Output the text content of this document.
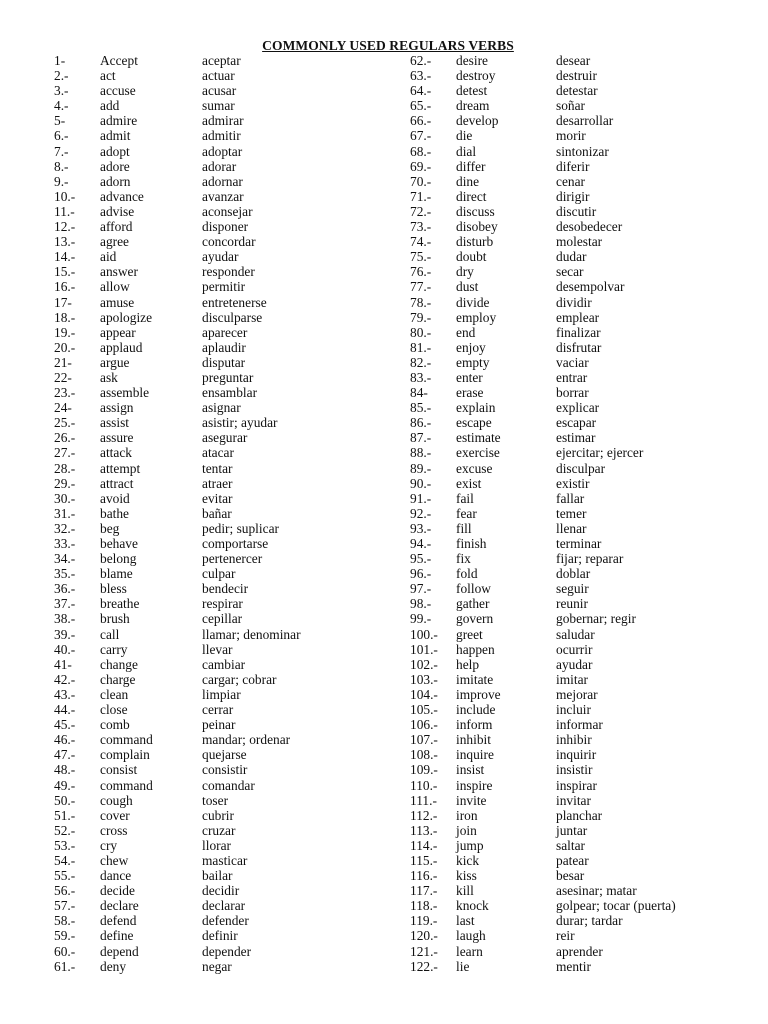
COMMONLY USED REGULARS VERBS
1-	Accept	aceptar
2.- act	actuar
3.- accuse	acusar
4.- add	sumar
5-	admire	admirar
6.- admit	admitir
7.- adopt	adoptar
8.- adore	adorar
9.- adorn	adornar
10.- advance	avanzar
11.- advise	aconsejar
12.- afford	disponer
13.- agree	concordar
14.- aid	ayudar
15.- answer	responder
16.- allow	permitir
17- amuse	entretenerse
18.- apologize	disculparse
19.- appear	aparecer
20.- applaud	aplaudir
21- argue	disputar
22- ask	preguntar
23.- assemble	ensamblar
24- assign	asignar
25.- assist	asistir; ayudar
26.- assure	asegurar
27.- attack	atacar
28.- attempt	tentar
29.- attract	atraer
30.- avoid	evitar
31.- bathe	bañar
32.- beg	pedir; suplicar
33.- behave	comportarse
34.- belong	pertenercer
35.- blame	culpar
36.- bless	bendecir
37.- breathe	respirar
38.- brush	cepillar
39.- call	llamar; denominar
40.- carry	llevar
41- change	cambiar
42.- charge	cargar; cobrar
43.- clean	limpiar
44.- close	cerrar
45.- comb	peinar
46.- command	mandar; ordenar
47.- complain	quejarse
48.- consist	consistir
49.- command	comandar
50.- cough	toser
51.- cover	cubrir
52.- cross	cruzar
53.- cry	llorar
54.- chew	masticar
55.- dance	bailar
56.- decide	decidir
57.- declare	declarar
58.- defend	defender
59.- define	definir
60.- depend	depender
61.- deny	negar
62.- desire	desear
63.- destroy	destruir
64.- detest	detestar
65.- dream	soñar
66.- develop	desarrollar
67.- die	morir
68.- dial	sintonizar
69.- differ	diferir
70.- dine	cenar
71.- direct	dirigir
72.- discuss	discutir
73.- disobey	desobedecer
74.- disturb	molestar
75.- doubt	dudar
76.- dry	secar
77.- dust	desempolvar
78.- divide	dividir
79.- employ	emplear
80.- end	finalizar
81.- enjoy	disfrutar
82.- empty	vaciar
83.- enter	entrar
84- erase	borrar
85.- explain	explicar
86.- escape	escapar
87.- estimate	estimar
88.- exercise	ejercitar; ejercer
89.- excuse	disculpar
90.- exist	existir
91.- fail	fallar
92.- fear	temer
93.- fill	llenar
94.- finish	terminar
95.- fix	fijar; reparar
96.- fold	doblar
97.- follow	seguir
98.- gather	reunir
99.- govern	gobernar; regir
100.- greet	saludar
101.- happen	ocurrir
102.- help	ayudar
103.- imitate	imitar
104.- improve	mejorar
105.- include	incluir
106.- inform	informar
107.- inhibit	inhibir
108.- inquire	inquirir
109.- insist	insistir
110.- inspire	inspirar
111.- invite	invitar
112.- iron	planchar
113.- join	juntar
114.- jump	saltar
115.- kick	patear
116.- kiss	besar
117.- kill	asesinar; matar
118.- knock	golpear; tocar (puerta)
119.- last	durar; tardar
120.- laugh	reir
121.- learn	aprender
122.- lie	mentir
